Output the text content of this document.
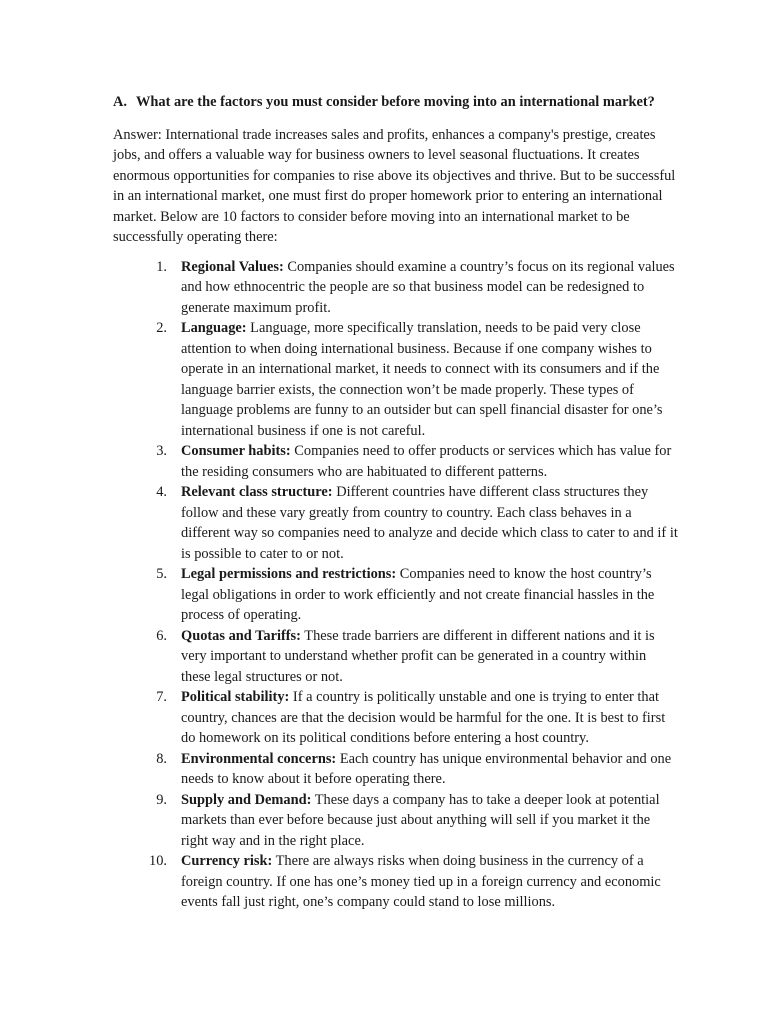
A. What are the factors you must consider before moving into an international market?

Answer: International trade increases sales and profits, enhances a company's prestige, creates jobs, and offers a valuable way for business owners to level seasonal fluctuations. It creates enormous opportunities for companies to rise above its objectives and thrive. But to be successful in an international market, one must first do proper homework prior to entering an international market. Below are 10 factors to consider before moving into an international market to be successfully operating there:

1. Regional Values: Companies should examine a country’s focus on its regional values and how ethnocentric the people are so that business model can be redesigned to generate maximum profit.
2. Language: Language, more specifically translation, needs to be paid very close attention to when doing international business. Because if one company wishes to operate in an international market, it needs to connect with its consumers and if the language barrier exists, the connection won’t be made properly. These types of language problems are funny to an outsider but can spell financial disaster for one’s international business if one is not careful.
3. Consumer habits: Companies need to offer products or services which has value for the residing consumers who are habituated to different patterns.
4. Relevant class structure: Different countries have different class structures they follow and these vary greatly from country to country. Each class behaves in a different way so companies need to analyze and decide which class to cater to and if it is possible to cater to or not.
5. Legal permissions and restrictions: Companies need to know the host country’s legal obligations in order to work efficiently and not create financial hassles in the process of operating.
6. Quotas and Tariffs: These trade barriers are different in different nations and it is very important to understand whether profit can be generated in a country within these legal structures or not.
7. Political stability: If a country is politically unstable and one is trying to enter that country, chances are that the decision would be harmful for the one. It is best to first do homework on its political conditions before entering a host country.
8. Environmental concerns: Each country has unique environmental behavior and one needs to know about it before operating there.
9. Supply and Demand: These days a company has to take a deeper look at potential markets than ever before because just about anything will sell if you market it the right way and in the right place.
10. Currency risk: There are always risks when doing business in the currency of a foreign country. If one has one’s money tied up in a foreign currency and economic events fall just right, one’s company could stand to lose millions.
